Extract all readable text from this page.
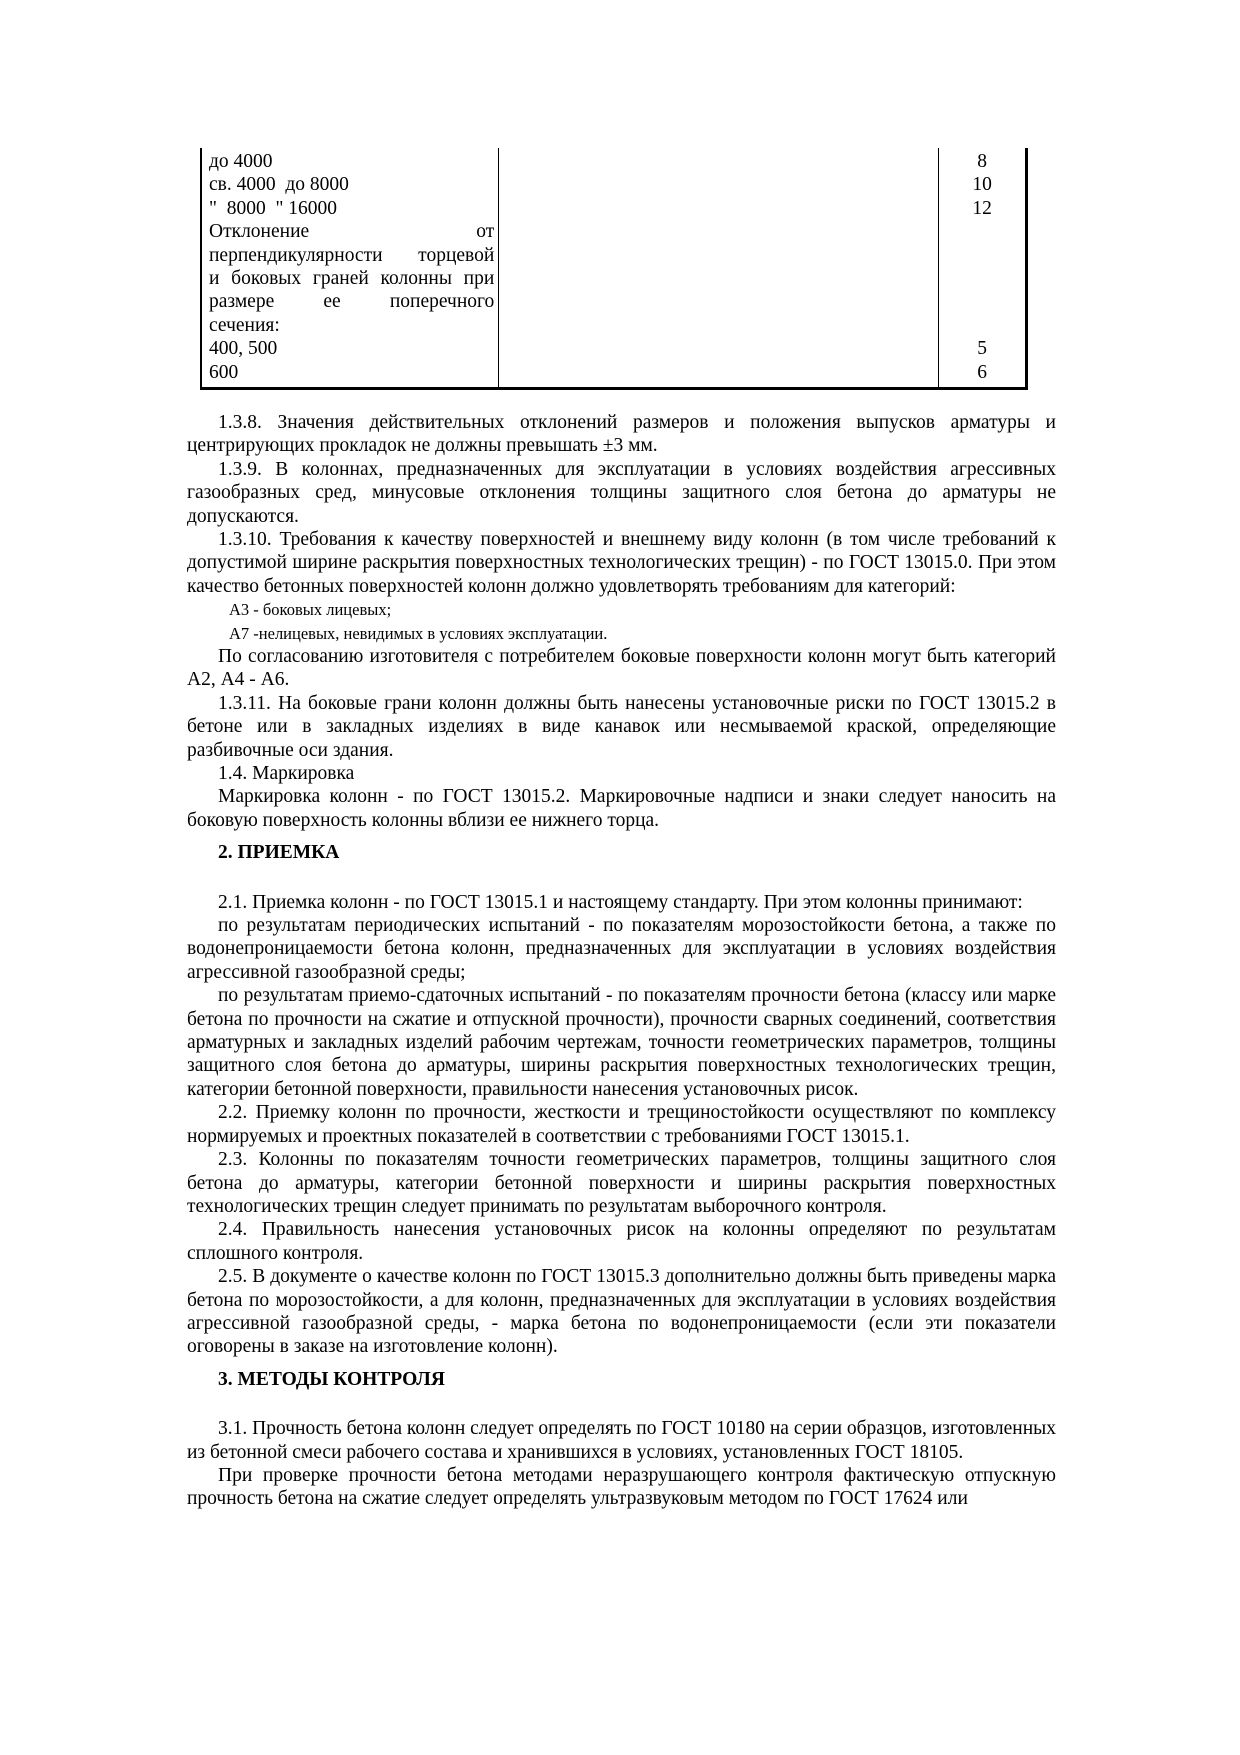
до 4000
св. 4000  до 8000
"  8000  " 16000
Отклонение от
перпендикулярности торцевой
и боковых граней колонны при
размере ее поперечного
сечения:
400, 500
600
8
10
12
5
6

1.3.8. Значения действительных отклонений размеров и положения выпусков арматуры и центрирующих прокладок не должны превышать ±3 мм.

1.3.9. В колоннах, предназначенных для эксплуатации в условиях воздействия агрессивных газообразных сред, минусовые отклонения толщины защитного слоя бетона до арматуры не допускаются.

1.3.10. Требования к качеству поверхностей и внешнему виду колонн (в том числе требований к допустимой ширине раскрытия поверхностных технологических трещин) - по ГОСТ 13015.0. При этом качество бетонных поверхностей колонн должно удовлетворять требованиям для категорий:

А3 - боковых лицевых;

А7 -нелицевых, невидимых в условиях эксплуатации.

По согласованию изготовителя с потребителем боковые поверхности колонн могут быть категорий А2, А4 - А6.

1.3.11. На боковые грани колонн должны быть нанесены установочные риски по ГОСТ 13015.2 в бетоне или в закладных изделиях в виде канавок или несмываемой краской, определяющие разбивочные оси здания.

1.4. Маркировка

Маркировка колонн - по ГОСТ 13015.2. Маркировочные надписи и знаки следует наносить на боковую поверхность колонны вблизи ее нижнего торца.

2. ПРИЕМКА

2.1. Приемка колонн - по ГОСТ 13015.1 и настоящему стандарту. При этом колонны принимают:

по результатам периодических испытаний - по показателям морозостойкости бетона, а также по водонепроницаемости бетона колонн, предназначенных для эксплуатации в условиях воздействия агрессивной газообразной среды;

по результатам приемо-сдаточных испытаний - по показателям прочности бетона (классу или марке бетона по прочности на сжатие и отпускной прочности), прочности сварных соединений, соответствия арматурных и закладных изделий рабочим чертежам, точности геометрических параметров, толщины защитного слоя бетона до арматуры, ширины раскрытия поверхностных технологических трещин, категории бетонной поверхности, правильности нанесения установочных рисок.

2.2. Приемку колонн по прочности, жесткости и трещиностойкости осуществляют по комплексу нормируемых и проектных показателей в соответствии с требованиями ГОСТ 13015.1.

2.3. Колонны по показателям точности геометрических параметров, толщины защитного слоя бетона до арматуры, категории бетонной поверхности и ширины раскрытия поверхностных технологических трещин следует принимать по результатам выборочного контроля.

2.4. Правильность нанесения установочных рисок на колонны определяют по результатам сплошного контроля.

2.5. В документе о качестве колонн по ГОСТ 13015.3 дополнительно должны быть приведены марка бетона по морозостойкости, а для колонн, предназначенных для эксплуатации в условиях воздействия агрессивной газообразной среды, - марка бетона по водонепроницаемости (если эти показатели оговорены в заказе на изготовление колонн).

3. МЕТОДЫ КОНТРОЛЯ

3.1. Прочность бетона колонн следует определять по ГОСТ 10180 на серии образцов, изготовленных из бетонной смеси рабочего состава и хранившихся в условиях, установленных ГОСТ 18105.

При проверке прочности бетона методами неразрушающего контроля фактическую отпускную прочность бетона на сжатие следует определять ультразвуковым методом по ГОСТ 17624 или
